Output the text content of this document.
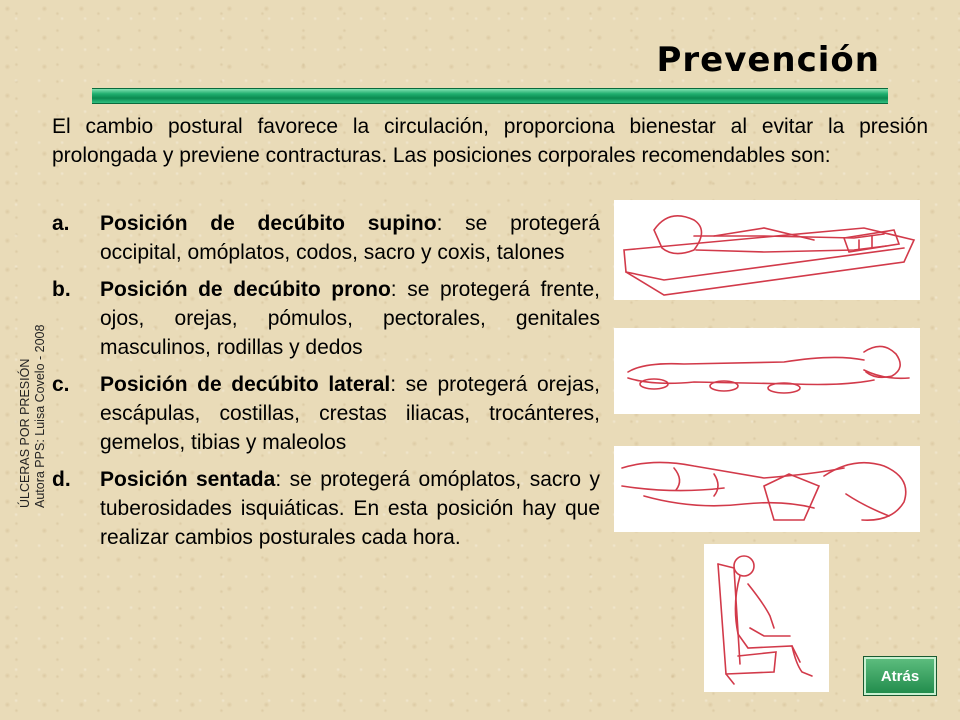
Prevención
ÚLCERAS POR PRESIÓN Autora PPS: Luisa Covelo - 2008
El cambio postural favorece la circulación, proporciona bienestar al evitar la presión prolongada y previene contracturas. Las posiciones corporales recomendables son:
a. Posición de decúbito supino: se protegerá occipital, omóplatos, codos, sacro y coxis, talones
b. Posición de decúbito prono: se protegerá frente, ojos, orejas, pómulos, pectorales, genitales masculinos, rodillas y dedos
c. Posición de decúbito lateral: se protegerá orejas, escápulas, costillas, crestas iliacas, trocánteres, gemelos, tibias y maleolos
d. Posición sentada: se protegerá omóplatos, sacro y tuberosidades isquiáticas. En esta posición hay que realizar cambios posturales cada hora.
Atrás
